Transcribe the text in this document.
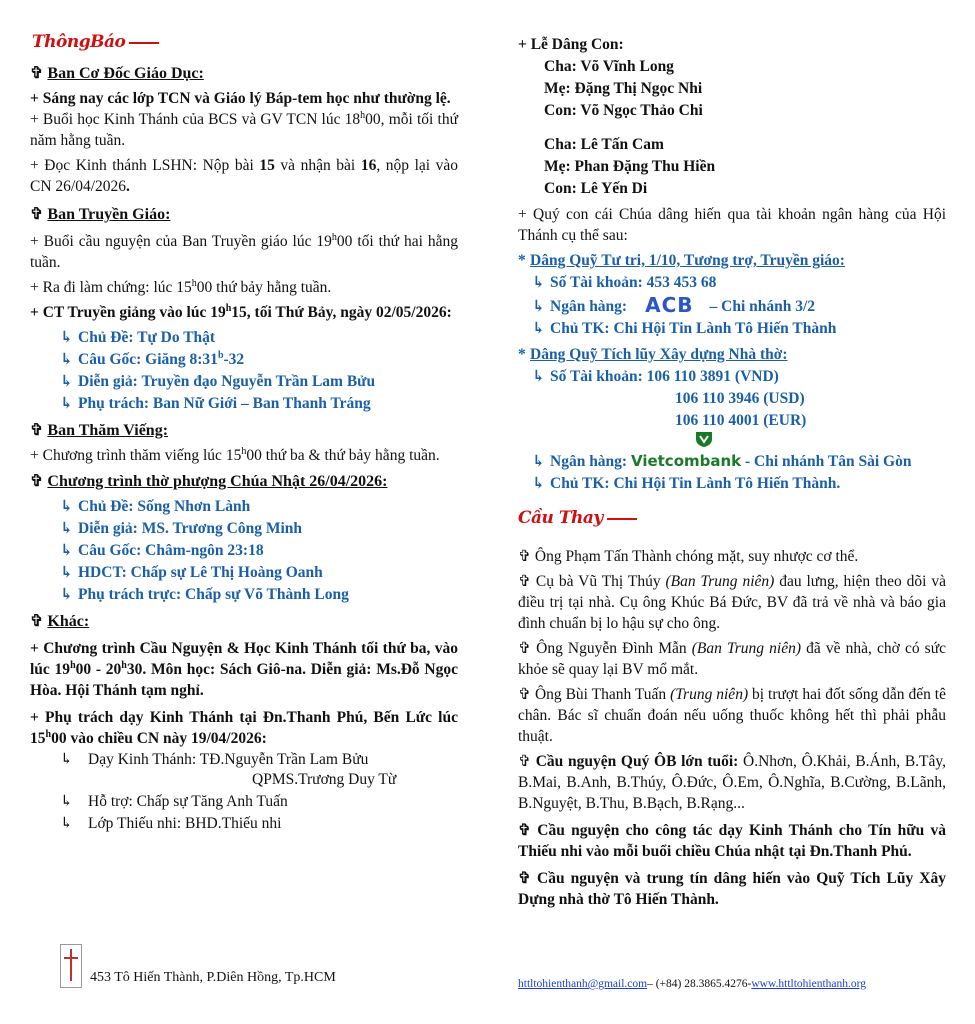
ThôngBáo
Cầu Thay
✞ Ban Cơ Đốc Giáo Dục:

+ Sáng nay các lớp TCN và Giáo lý Báp-tem học như thường lệ.

+ Buổi học Kinh Thánh của BCS và GV TCN lúc 18$^h$00, mỗi tối thứ năm hằng tuần.

+ Đọc Kinh thánh LSHN: Nộp bài 15 và nhận bài 16, nộp lại vào CN 26/04/2026.

✞ Ban Truyền Giáo:

+ Buổi cầu nguyện của Ban Truyền giáo lúc 19$^h$00 tối thứ hai hằng tuần.

+ Ra đi làm chứng: lúc 15$^h$00 thứ bảy hằng tuần.

+ CT Truyền giảng vào lúc 19$^h$15, tối Thứ Bảy, ngày 02/05/2026:

↳ Chủ Đề: Tự Do Thật
↳ Câu Gốc: Giăng 8:31$^b$-32
↳ Diễn giả: Truyền đạo Nguyễn Trần Lam Bửu
↳ Phụ trách: Ban Nữ Giới – Ban Thanh Tráng
✞ Ban Thăm Viếng:

+ Chương trình thăm viếng lúc 15$^h$00 thứ ba & thứ bảy hằng tuần.

✞ Chương trình thờ phượng Chúa Nhật 26/04/2026:
↳ Chủ Đề: Sống Nhơn Lành
↳ Diễn giả: MS. Trương Công Minh
↳ Câu Gốc: Châm-ngôn 23:18
↳ HDCT: Chấp sự Lê Thị Hoàng Oanh
↳ Phụ trách trực: Chấp sự Võ Thành Long
✞ Khác:

+ Chương trình Cầu Nguyện & Học Kinh Thánh tối thứ ba, vào lúc 19$^h$00 - 20$^h$30. Môn học: Sách Giô-na. Diễn giả: Ms.Đỗ Ngọc Hòa. Hội Thánh tạm nghỉ.

+ Phụ trách dạy Kinh Thánh tại Đn.Thanh Phú, Bến Lức lúc 15$^h$00 vào chiều CN này 19/04/2026:

↳ Dạy Kinh Thánh: TĐ.Nguyễn Trần Lam Bửu
QPMS.Trương Duy Từ
↳ Hỗ trợ: Chấp sự Tăng Anh Tuấn
↳ Lớp Thiếu nhi: BHD.Thiếu nhi
453 Tô Hiến Thành, P.Diên Hồng, Tp.HCM
+ Lễ Dâng Con:
Cha: Võ Vĩnh Long
Mẹ: Đặng Thị Ngọc Nhi
Con: Võ Ngọc Thảo Chi
Cha: Lê Tấn Cam
Mẹ: Phan Đặng Thu Hiền
Con: Lê Yến Di

+ Quý con cái Chúa dâng hiến qua tài khoản ngân hàng của Hội Thánh cụ thể sau:

* Dâng Quỹ Tư tri, 1/10, Tương trợ, Truyền giáo:
↳ Số Tài khoản: 453 453 68
↳ Ngân hàng: ACB – Chi nhánh 3/2
↳ Chủ TK: Chi Hội Tin Lành Tô Hiến Thành
* Dâng Quỹ Tích lũy Xây dựng Nhà thờ:
↳ Số Tài khoản: 106 110 3891 (VND)
106 110 3946 (USD)
106 110 4001 (EUR)
↳ Ngân hàng: Vietcombank - Chi nhánh Tân Sài Gòn
↳ Chủ TK: Chi Hội Tin Lành Tô Hiến Thành.

✞ Ông Phạm Tấn Thành chóng mặt, suy nhược cơ thể.

✞ Cụ bà Vũ Thị Thúy (Ban Trung niên) đau lưng, hiện theo dõi và điều trị tại nhà. Cụ ông Khúc Bá Đức, BV đã trả về nhà và báo gia đình chuẩn bị lo hậu sự cho ông.

✞ Ông Nguyễn Đình Mẫn (Ban Trung niên) đã về nhà, chờ có sức khỏe sẽ quay lại BV mổ mắt.

✞ Ông Bùi Thanh Tuấn (Trung niên) bị trượt hai đốt sống dẫn đến tê chân. Bác sĩ chuẩn đoán nếu uống thuốc không hết thì phải phẫu thuật.

✞ Cầu nguyện Quý ÔB lớn tuổi: Ô.Nhơn, Ô.Khải, B.Ánh, B.Tây, B.Mai, B.Anh, B.Thúy, Ô.Đức, Ô.Em, Ô.Nghĩa, B.Cường, B.Lãnh, B.Nguyệt, B.Thu, B.Bạch, B.Rạng...

✞ Cầu nguyện cho công tác dạy Kinh Thánh cho Tín hữu và Thiếu nhi vào mỗi buổi chiều Chúa nhật tại Đn.Thanh Phú.

✞ Cầu nguyện và trung tín dâng hiến vào Quỹ Tích Lũy Xây Dựng nhà thờ Tô Hiến Thành.

httltohienthanh@gmail.com– (+84) 28.3865.4276-www.httltohienthanh.org
